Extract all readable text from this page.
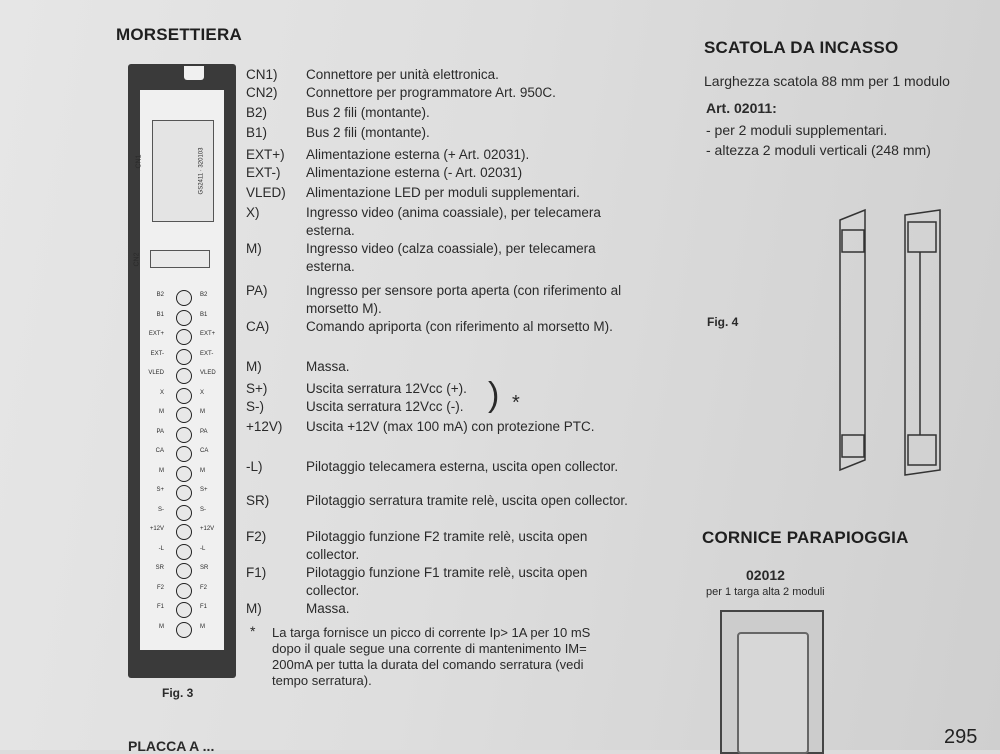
MORSETTIERA
CN1	GS2411 · 320103
CN2
B2	B2
B1	B1
EXT+	EXT+
EXT-	EXT-
VLED	VLED
X	X
M	M
PA	PA
CA	CA
M	M
S+	S+
S-	S-
+12V	+12V
-L	-L
SR	SR
F2	F2
F1	F1
M	M
Fig. 3
CN1) Connettore per unità elettronica.
CN2) Connettore per programmatore Art. 950C.
B2)	Bus 2 fili (montante).
B1)	Bus 2 fili (montante).
EXT+) Alimentazione esterna (+ Art. 02031).
EXT-) Alimentazione esterna (- Art. 02031)
VLED) Alimentazione LED per moduli supplementari.
X)	Ingresso video (anima coassiale), per telecamera esterna.
M)	Ingresso video (calza coassiale), per telecamera esterna.
PA)	Ingresso per sensore porta aperta (con riferimento al morsetto M).
CA)	Comando apriporta (con riferimento al morsetto M).
M)	Massa.
S+)	Uscita serratura 12Vcc (+).
S-)	Uscita serratura 12Vcc (-).
+12V) Uscita +12V (max 100 mA) con protezione PTC.
-L)	Pilotaggio telecamera esterna, uscita open collector.
SR)	Pilotaggio serratura tramite relè, uscita open collector.
F2)	Pilotaggio funzione F2 tramite relè, uscita open collector.
F1)	Pilotaggio funzione F1 tramite relè, uscita open collector.
M)	Massa.
) *
* La targa fornisce un picco di corrente Ip> 1A per 10 mS dopo il quale segue una corrente di mantenimento IM= 200mA per tutta la durata del comando serratura (vedi tempo serratura).
SCATOLA DA INCASSO
Larghezza scatola 88 mm per 1 modulo
Art. 02011:
- per 2 moduli supplementari.
- altezza 2 moduli verticali (248 mm)
Fig. 4
CORNICE PARAPIOGGIA
02012
per 1 targa alta 2 moduli
295
PLACCA A ...
